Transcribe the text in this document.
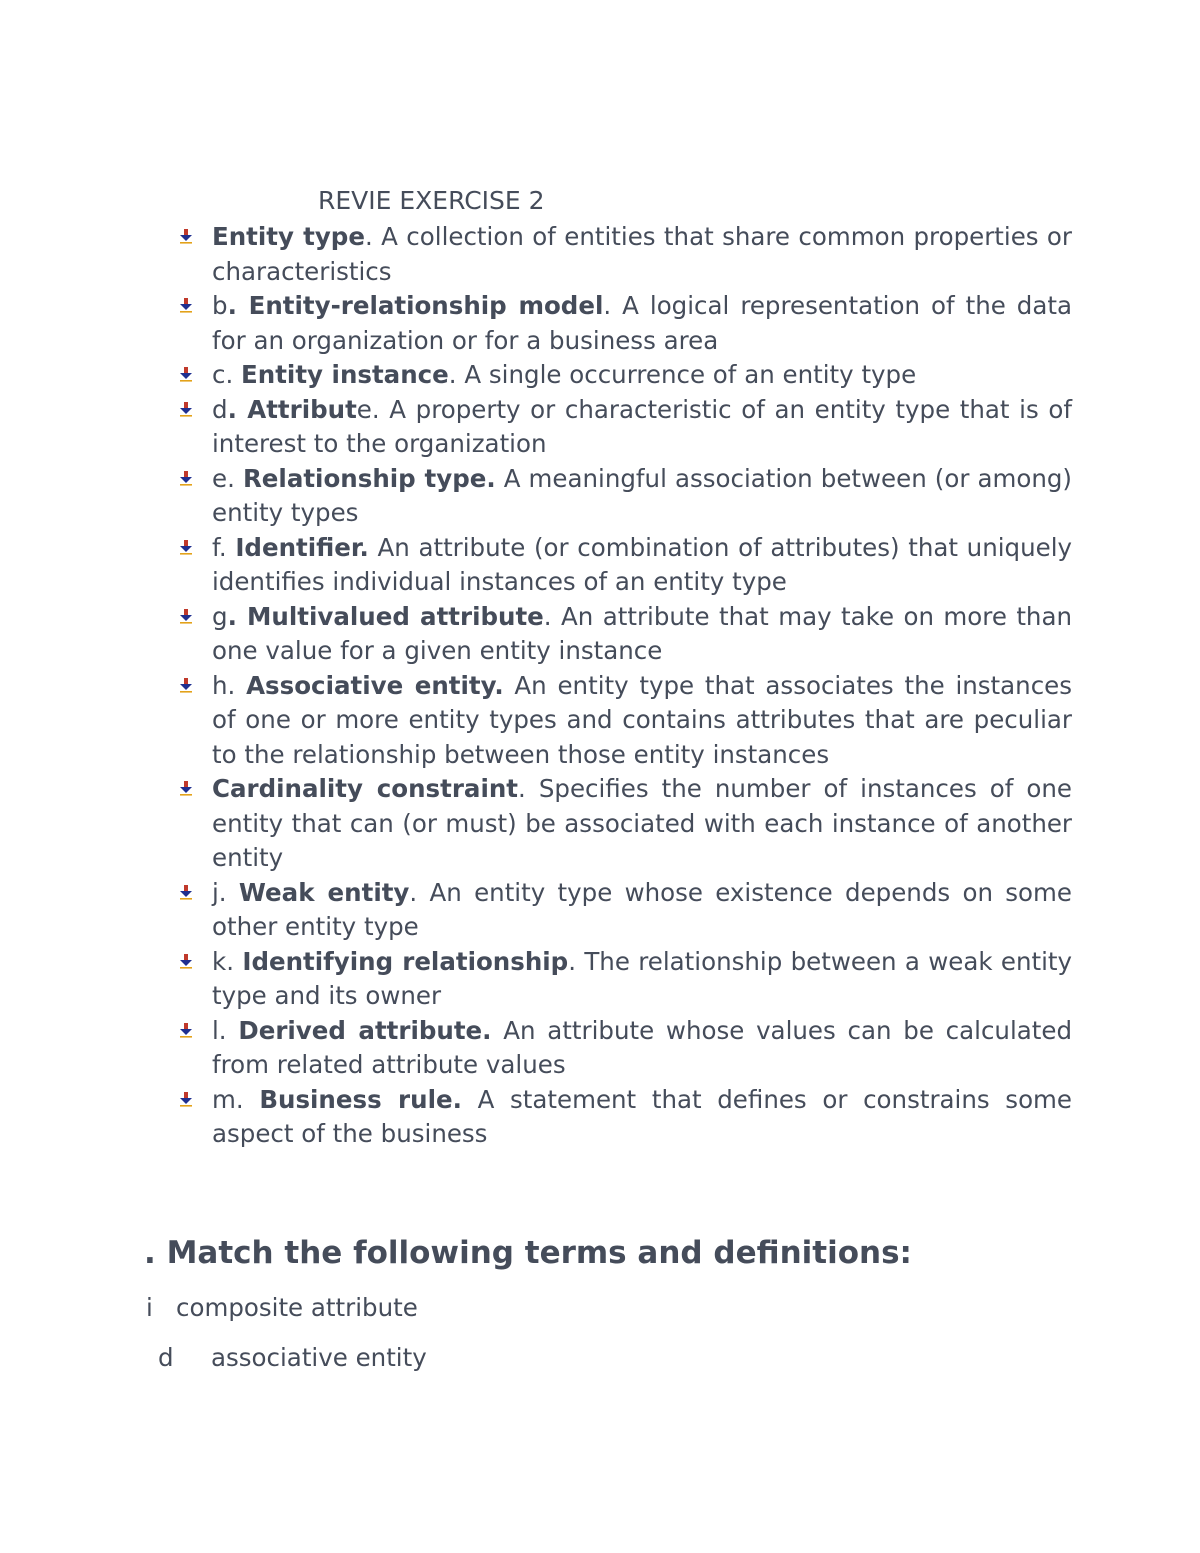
REVIE EXERCISE 2
Entity type. A collection of entities that share common properties or characteristics
b. Entity-relationship model. A logical representation of the data for an organization or for a business area
c. Entity instance. A single occurrence of an entity type
d. Attribute. A property or characteristic of an entity type that is of interest to the organization
e. Relationship type. A meaningful association between (or among) entity types
f. Identifier. An attribute (or combination of attributes) that uniquely identifies individual instances of an entity type
g. Multivalued attribute. An attribute that may take on more than one value for a given entity instance
h. Associative entity. An entity type that associates the instances of one or more entity types and contains attributes that are peculiar to the relationship between those entity instances
Cardinality constraint. Specifies the number of instances of one entity that can (or must) be associated with each instance of another entity
j. Weak entity. An entity type whose existence depends on some other entity type
k. Identifying relationship. The relationship between a weak entity type and its owner
l. Derived attribute. An attribute whose values can be calculated from related attribute values
m. Business rule. A statement that defines or constrains some aspect of the business
. Match the following terms and definitions:
i composite attribute
d associative entity
